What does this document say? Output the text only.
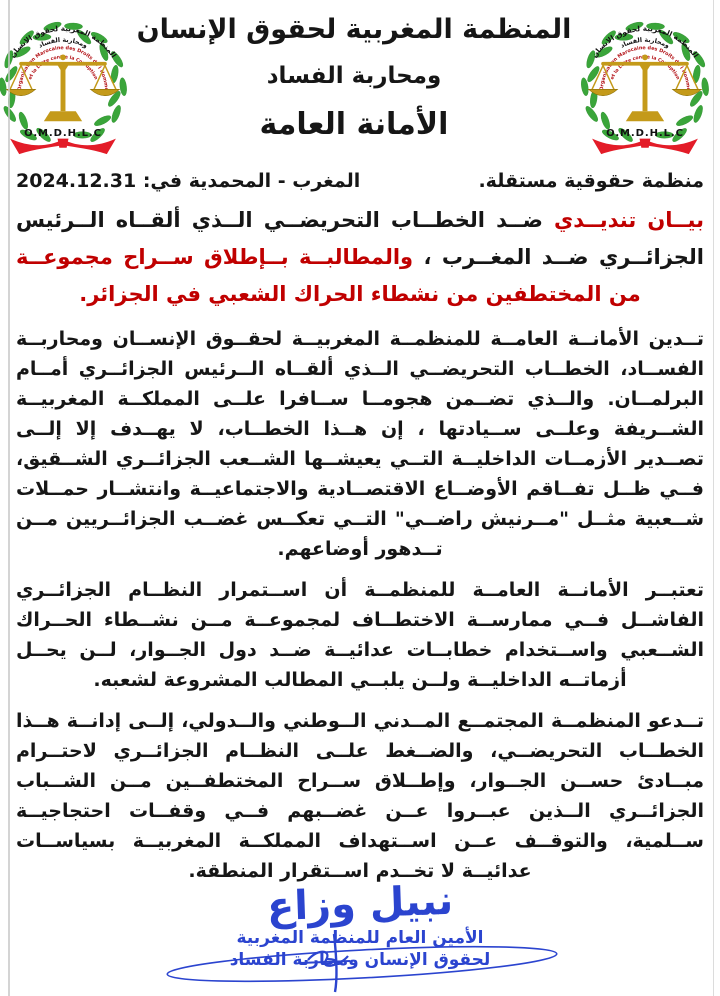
المنظمة المغربية لحقوق الإنسان
ومحاربة الفساد
الأمانة العامة
منظمة حقوقية مستقلة.
المغرب - المحمدية في: 2024.12.31
بيــان تنديــدي ضــد الخطــاب التحريضــي الــذي ألقــاه الــرئيس
الجزائــري ضــد المغــرب ، والمطالبــة بــإطلاق ســراح مجموعــة
من المختطفين من نشطاء الحراك الشعبي في الجزائر.

تــدين الأمانــة العامــة للمنظمــة المغربيــة لحقــوق الإنســان ومحاربــة الفســاد، الخطــاب التحريضــي الــذي ألقــاه الــرئيس الجزائــري أمــام البرلمــان. والــذي تضــمن هجومــا ســافرا علــى المملكــة المغربيــة الشــريفة وعلــى ســيادتها ، إن هــذا الخطــاب، لا يهــدف إلا إلــى تصــدير الأزمــات الداخليــة التــي يعيشــها الشــعب الجزائــري الشــقيق، فــي ظــل تفــاقم الأوضــاع الاقتصــادية والاجتماعيــة وانتشــار حمــلات شــعبية مثــل "مــرنيش راضــي" التــي تعكــس غضــب الجزائــريين مــن تــدهور أوضاعهم.

تعتبــر الأمانــة العامــة للمنظمــة أن اســتمرار النظــام الجزائــري الفاشــل فــي ممارســة الاختطــاف لمجموعــة مــن نشــطاء الحــراك الشــعبي واســتخدام خطابــات عدائيــة ضــد دول الجــوار، لــن يحــل أزماتــه الداخليــة ولــن يلبــي المطالب المشروعة لشعبه.

تــدعو المنظمــة المجتمــع المــدني الــوطني والــدولي، إلــى إدانــة هــذا الخطــاب التحريضــي، والضــغط علــى النظــام الجزائــري لاحتــرام مبــادئ حســن الجــوار، وإطــلاق ســراح المختطفــين مــن الشــباب الجزائــري الــذين عبــروا عــن غضــبهم فــي وقفــات احتجاجيــة ســلمية، والتوقــف عــن اســتهداف المملكــة المغربيــة بسياســات عدائيــة لا تخــدم اســتقرار المنطقة.

نبيل وزاع
الأمين العام للمنظمة المغربية
لحقوق الإنسان ومحاربة الفساد
